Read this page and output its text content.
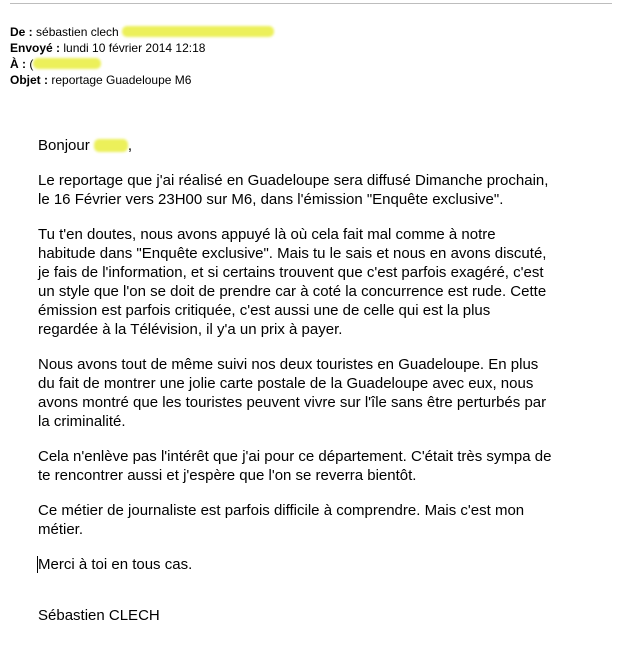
De : sébastien clech
Envoyé : lundi 10 février 2014 12:18
À : (
Objet : reportage Guadeloupe M6

Bonjour	,

Le reportage que j'ai réalisé en Guadeloupe sera diffusé Dimanche prochain,
le 16 Février vers 23H00 sur M6, dans l'émission "Enquête exclusive".

Tu t'en doutes, nous avons appuyé là où cela fait mal comme à notre
habitude dans "Enquête exclusive". Mais tu le sais et nous en avons discuté,
je fais de l'information, et si certains trouvent que c'est parfois exagéré, c'est
un style que l'on se doit de prendre car à coté la concurrence est rude. Cette
émission est parfois critiquée, c'est aussi une de celle qui est la plus
regardée à la Télévision, il y'a un prix à payer.

Nous avons tout de même suivi nos deux touristes en Guadeloupe. En plus
du fait de montrer une jolie carte postale de la Guadeloupe avec eux, nous
avons montré que les touristes peuvent vivre sur l'île sans être perturbés par
la criminalité.

Cela n'enlève pas l'intérêt que j'ai pour ce département. C'était très sympa de
te rencontrer aussi et j'espère que l'on se reverra bientôt.

Ce métier de journaliste est parfois difficile à comprendre. Mais c'est mon
métier.

Merci à toi en tous cas.

Sébastien CLECH
